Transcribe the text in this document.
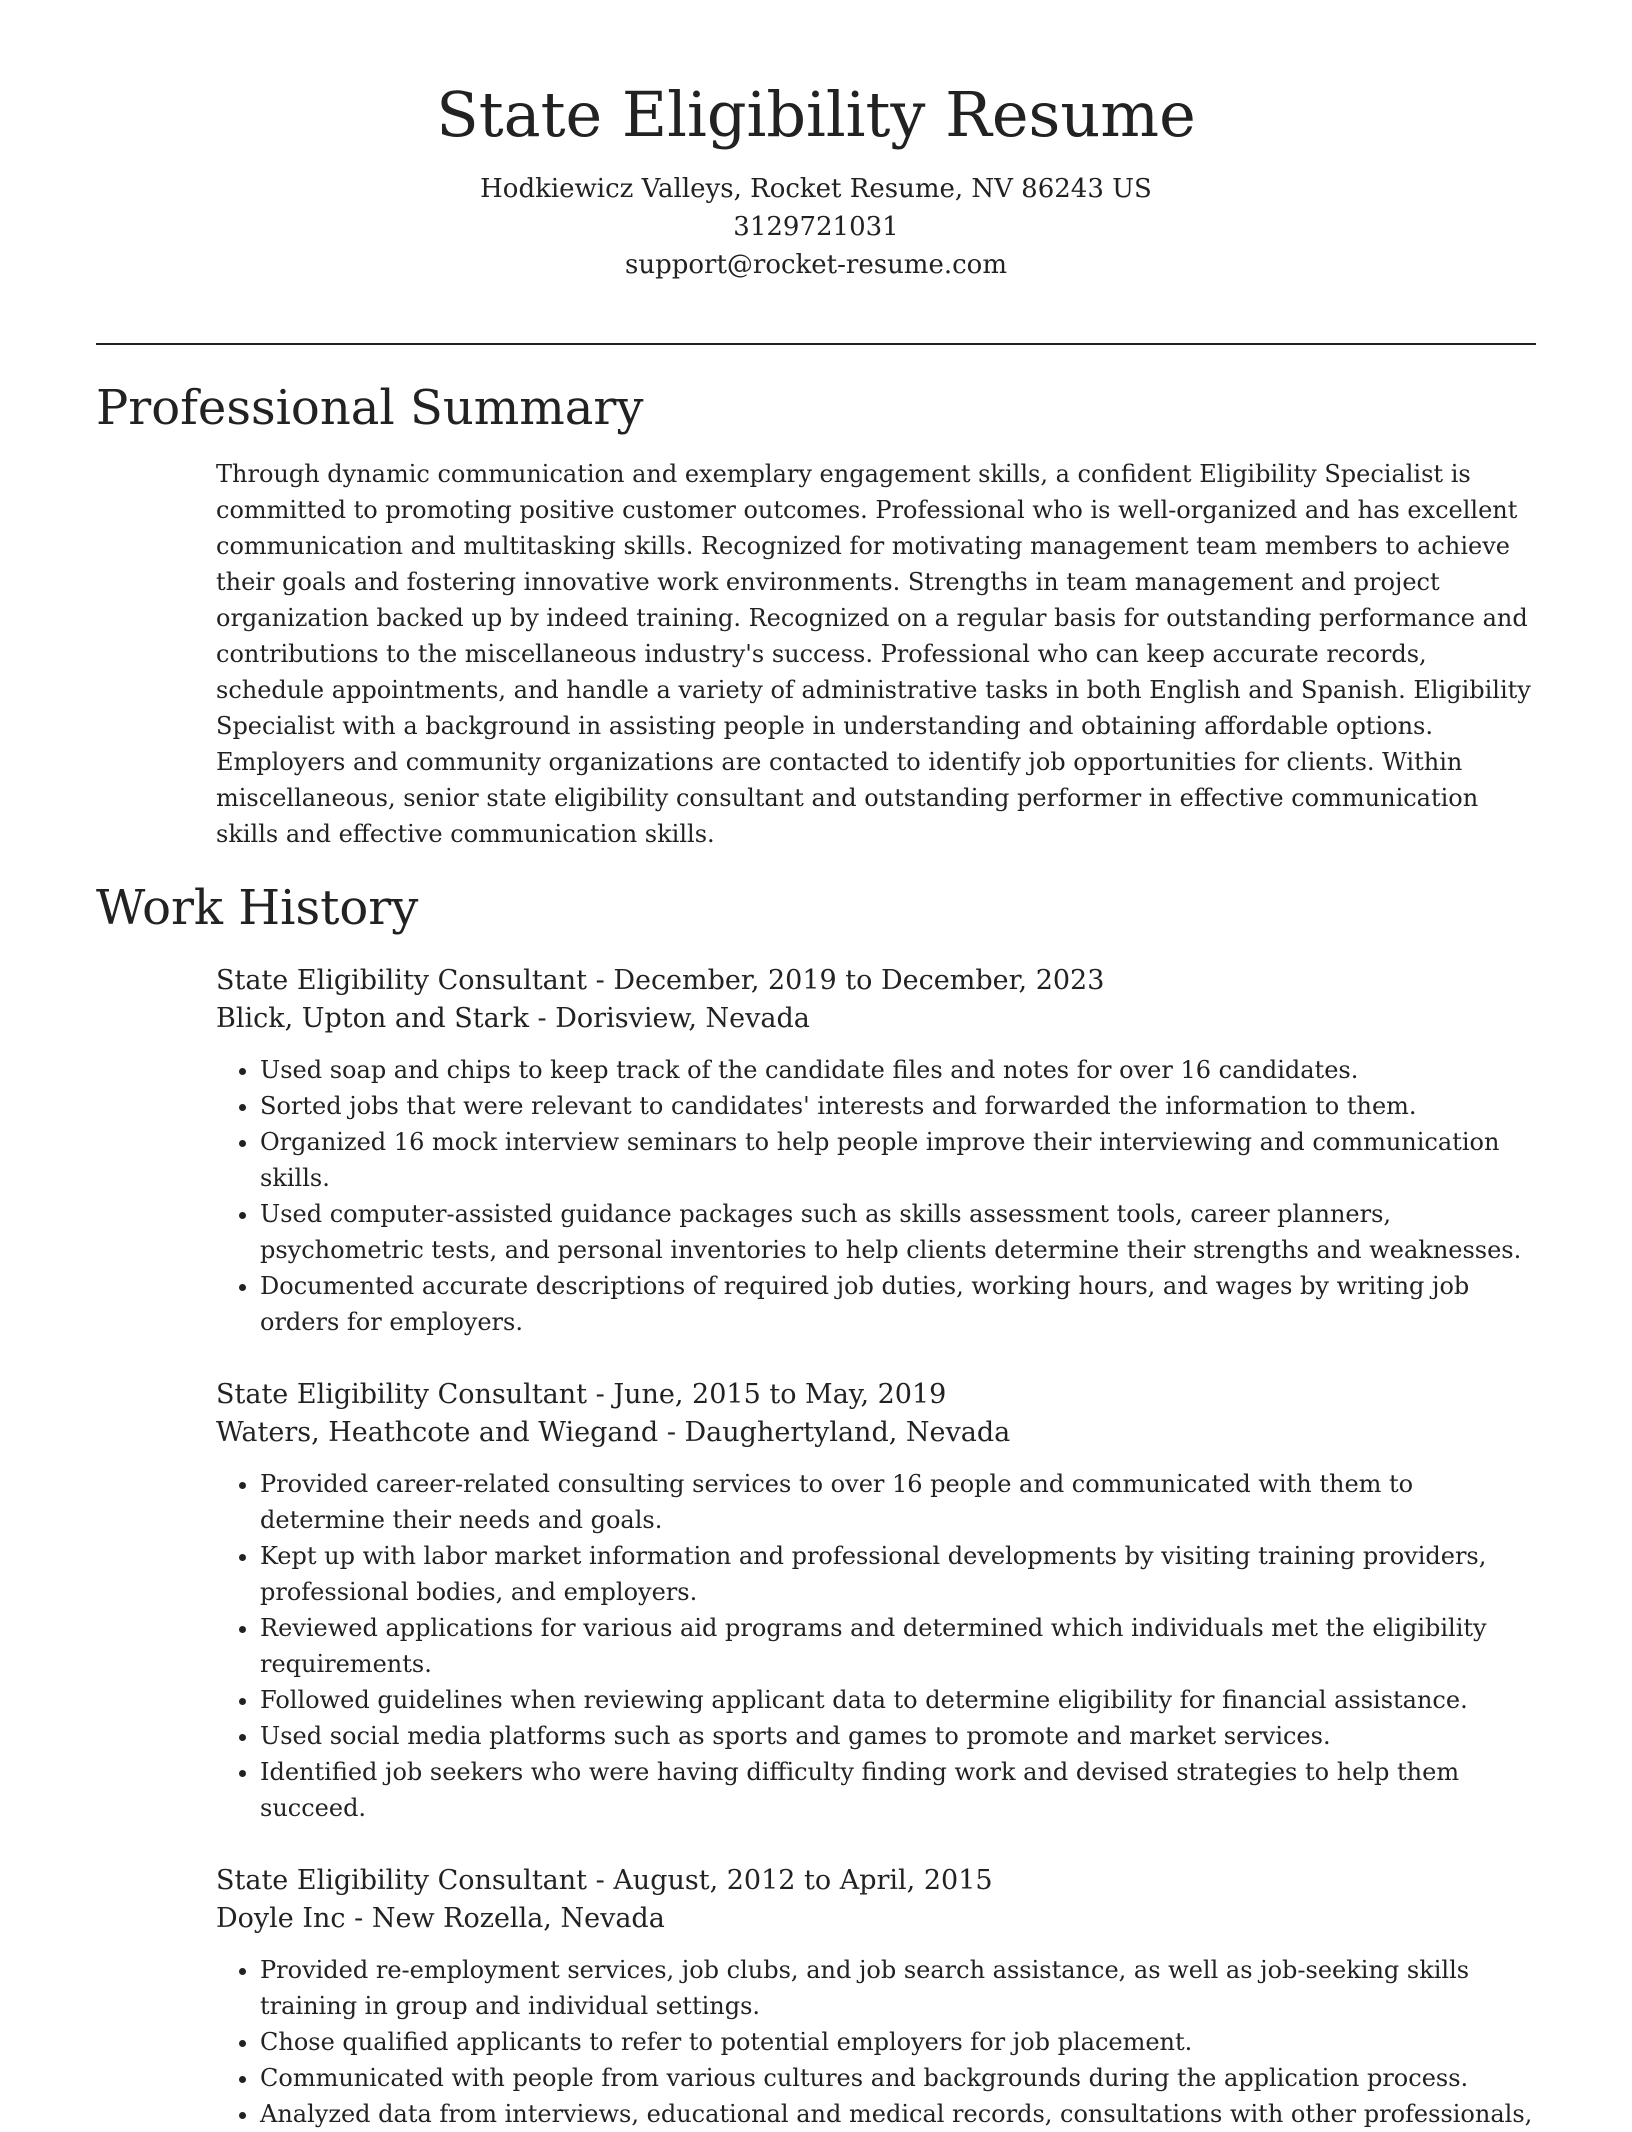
State Eligibility Resume
Hodkiewicz Valleys, Rocket Resume, NV 86243 US
3129721031
support@rocket-resume.com
Professional Summary
Through dynamic communication and exemplary engagement skills, a confident Eligibility Specialist is committed to promoting positive customer outcomes. Professional who is well-organized and has excellent communication and multitasking skills. Recognized for motivating management team members to achieve their goals and fostering innovative work environments. Strengths in team management and project organization backed up by indeed training. Recognized on a regular basis for outstanding performance and contributions to the miscellaneous industry's success. Professional who can keep accurate records, schedule appointments, and handle a variety of administrative tasks in both English and Spanish. Eligibility Specialist with a background in assisting people in understanding and obtaining affordable options. Employers and community organizations are contacted to identify job opportunities for clients. Within miscellaneous, senior state eligibility consultant and outstanding performer in effective communication skills and effective communication skills.
Work History
State Eligibility Consultant - December, 2019 to December, 2023
Blick, Upton and Stark - Dorisview, Nevada
• Used soap and chips to keep track of the candidate files and notes for over 16 candidates.
• Sorted jobs that were relevant to candidates' interests and forwarded the information to them.
• Organized 16 mock interview seminars to help people improve their interviewing and communication skills.
• Used computer-assisted guidance packages such as skills assessment tools, career planners, psychometric tests, and personal inventories to help clients determine their strengths and weaknesses.
• Documented accurate descriptions of required job duties, working hours, and wages by writing job orders for employers.
State Eligibility Consultant - June, 2015 to May, 2019
Waters, Heathcote and Wiegand - Daughertyland, Nevada
• Provided career-related consulting services to over 16 people and communicated with them to determine their needs and goals.
• Kept up with labor market information and professional developments by visiting training providers, professional bodies, and employers.
• Reviewed applications for various aid programs and determined which individuals met the eligibility requirements.
• Followed guidelines when reviewing applicant data to determine eligibility for financial assistance.
• Used social media platforms such as sports and games to promote and market services.
• Identified job seekers who were having difficulty finding work and devised strategies to help them succeed.
State Eligibility Consultant - August, 2012 to April, 2015
Doyle Inc - New Rozella, Nevada
• Provided re-employment services, job clubs, and job search assistance, as well as job-seeking skills training in group and individual settings.
• Chose qualified applicants to refer to potential employers for job placement.
• Communicated with people from various cultures and backgrounds during the application process.
• Analyzed data from interviews, educational and medical records, consultations with other professionals,
